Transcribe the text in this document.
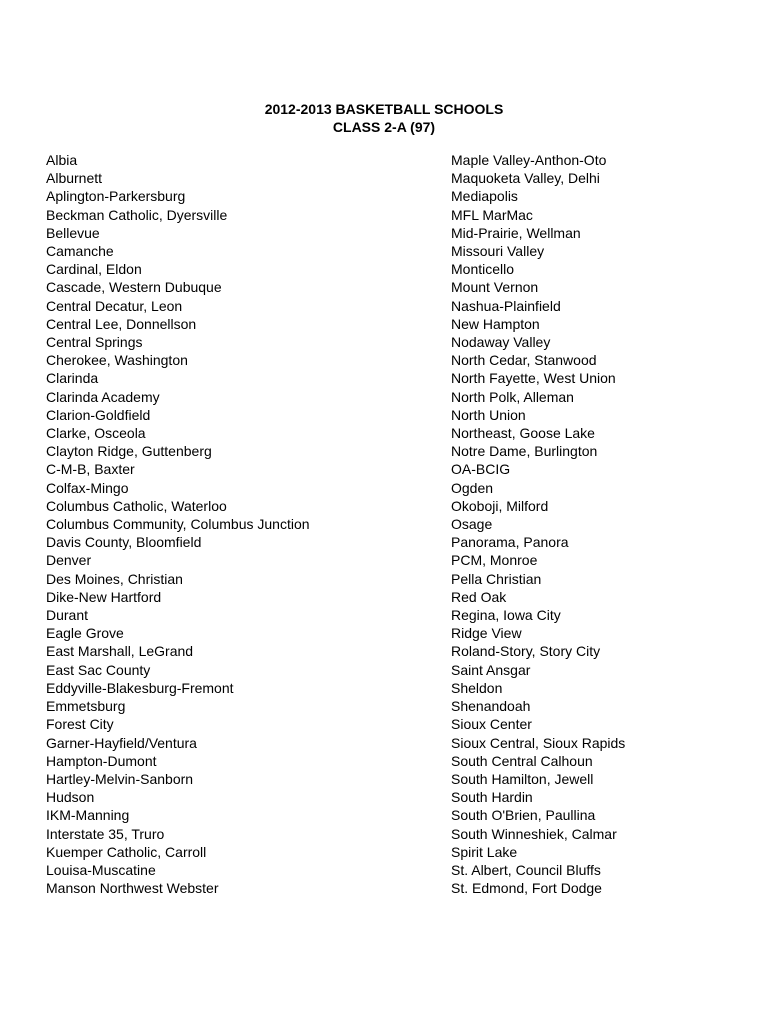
2012-2013 BASKETBALL SCHOOLS
CLASS 2-A (97)
Albia
Alburnett
Aplington-Parkersburg
Beckman Catholic, Dyersville
Bellevue
Camanche
Cardinal, Eldon
Cascade, Western Dubuque
Central Decatur, Leon
Central Lee, Donnellson
Central Springs
Cherokee, Washington
Clarinda
Clarinda Academy
Clarion-Goldfield
Clarke, Osceola
Clayton Ridge, Guttenberg
C-M-B, Baxter
Colfax-Mingo
Columbus Catholic, Waterloo
Columbus Community, Columbus Junction
Davis County, Bloomfield
Denver
Des Moines, Christian
Dike-New Hartford
Durant
Eagle Grove
East Marshall, LeGrand
East Sac County
Eddyville-Blakesburg-Fremont
Emmetsburg
Forest City
Garner-Hayfield/Ventura
Hampton-Dumont
Hartley-Melvin-Sanborn
Hudson
IKM-Manning
Interstate 35, Truro
Kuemper Catholic, Carroll
Louisa-Muscatine
Manson Northwest Webster
Maple Valley-Anthon-Oto
Maquoketa Valley, Delhi
Mediapolis
MFL MarMac
Mid-Prairie, Wellman
Missouri Valley
Monticello
Mount Vernon
Nashua-Plainfield
New Hampton
Nodaway Valley
North Cedar, Stanwood
North Fayette, West Union
North Polk, Alleman
North Union
Northeast, Goose Lake
Notre Dame, Burlington
OA-BCIG
Ogden
Okoboji, Milford
Osage
Panorama, Panora
PCM, Monroe
Pella Christian
Red Oak
Regina, Iowa City
Ridge View
Roland-Story, Story City
Saint Ansgar
Sheldon
Shenandoah
Sioux Center
Sioux Central, Sioux Rapids
South Central Calhoun
South Hamilton, Jewell
South Hardin
South O'Brien, Paullina
South Winneshiek, Calmar
Spirit Lake
St. Albert, Council Bluffs
St. Edmond, Fort Dodge
